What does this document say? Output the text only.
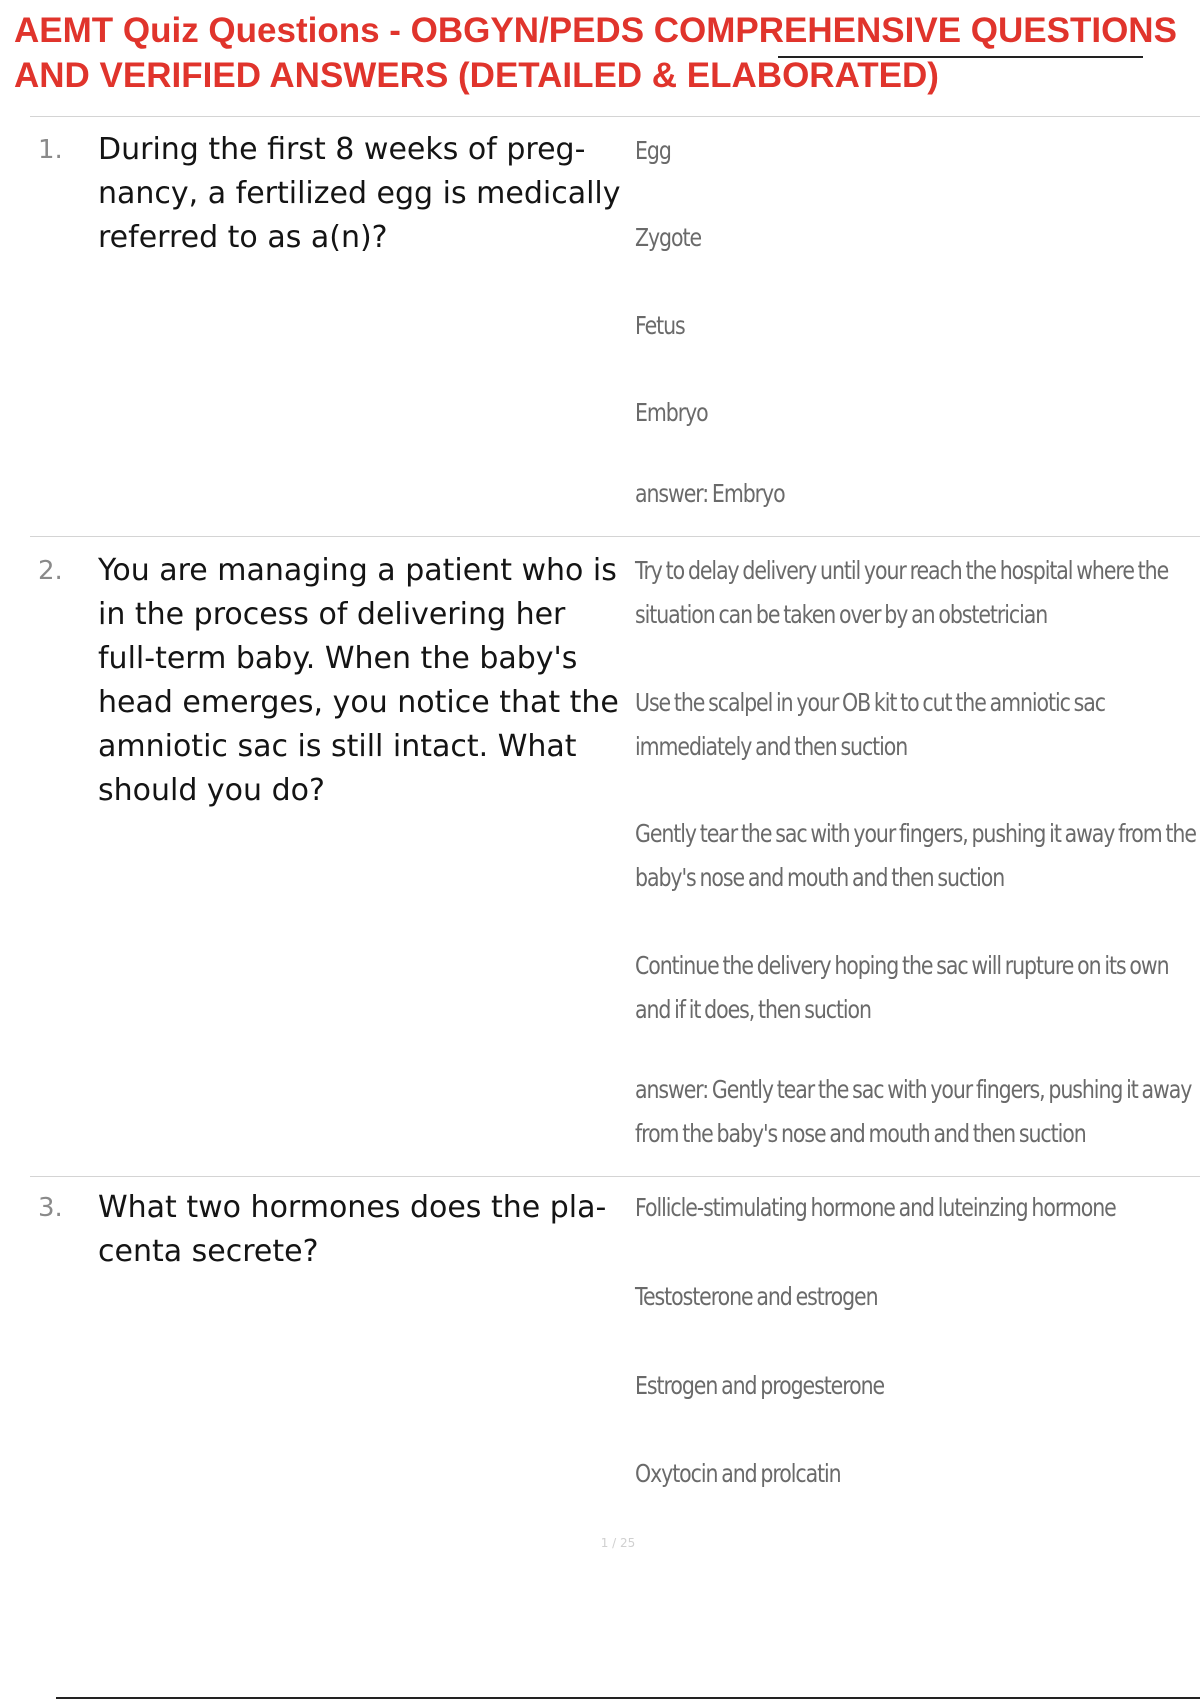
AEMT Quiz Questions - OBGYN/PEDS COMPREHENSIVE QUESTIONS
AND VERIFIED ANSWERS (DETAILED & ELABORATED)
1.	During the first 8 weeks of preg-nancy, a fertilized egg is medically referred to as a(n)?
Egg
Zygote
Fetus
Embryo
answer: Embryo
2.	You are managing a patient who is in the process of delivering her full-term baby. When the baby's head emerges, you notice that the amniotic sac is still intact. What should you do?
Try to delay delivery until your reach the hospital where the situation can be taken over by an obstetrician
Use the scalpel in your OB kit to cut the amniotic sac immediately and then suction
Gently tear the sac with your fingers, pushing it away from the baby's nose and mouth and then suction
Continue the delivery hoping the sac will rupture on its own and if it does, then suction
answer: Gently tear the sac with your fingers, pushing it away from the baby's nose and mouth and then suction
3.	What two hormones does the pla-centa secrete?
Follicle-stimulating hormone and luteinzing hormone
Testosterone and estrogen
Estrogen and progesterone
Oxytocin and prolcatin
1 / 25
